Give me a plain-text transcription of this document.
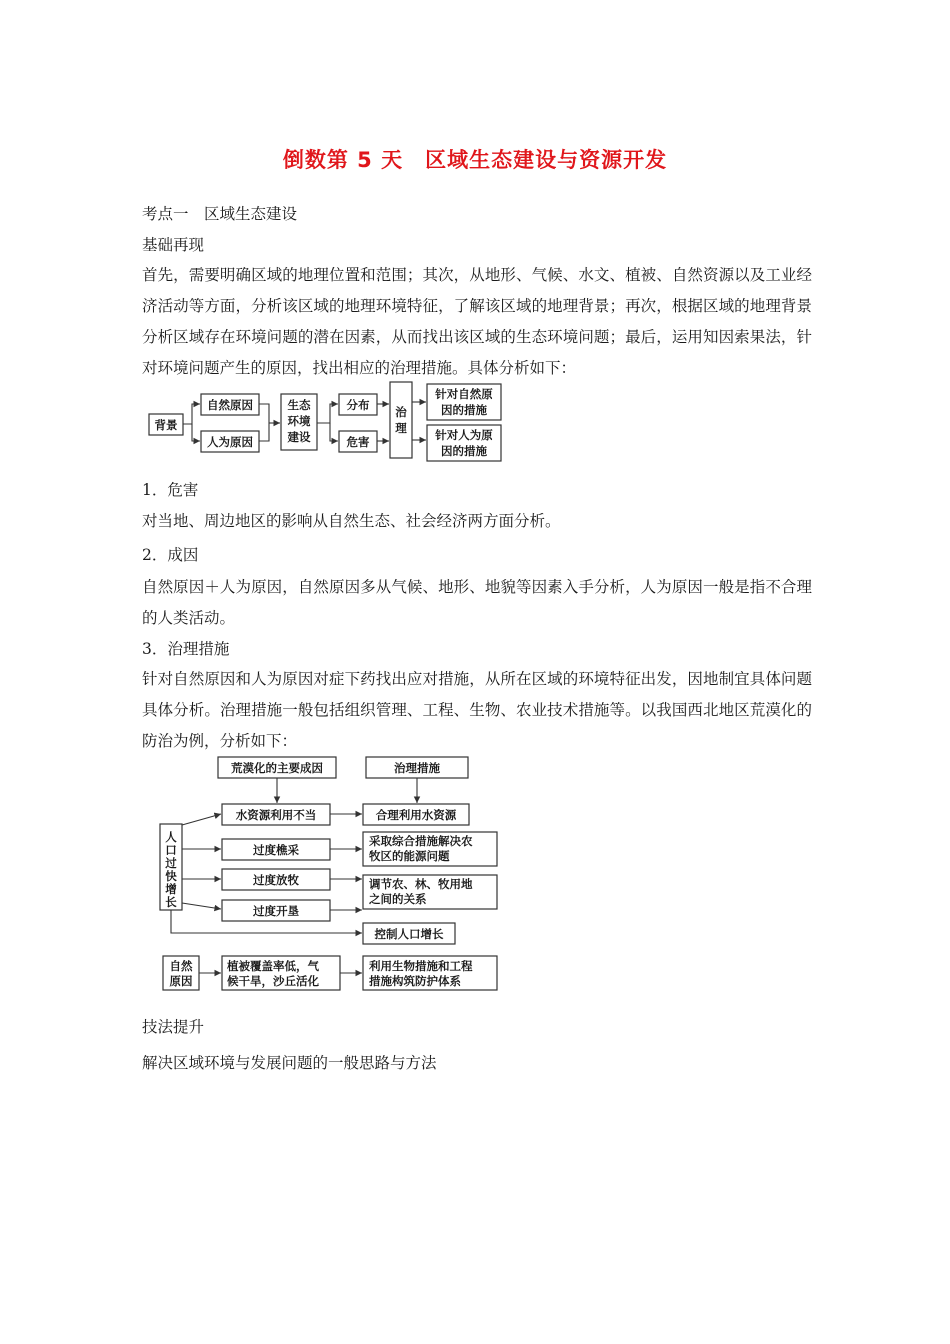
倒数第 5 天　区域生态建设与资源开发
考点一　区域生态建设
基础再现
首先，需要明确区域的地理位置和范围；其次，从地形、气候、水文、植被、自然资源以及工业经济活动等方面，分析该区域的地理环境特征，了解该区域的地理背景；再次，根据区域的地理背景分析区域存在环境问题的潜在因素，从而找出该区域的生态环境问题；最后，运用知因索果法，针对环境问题产生的原因，找出相应的治理措施。具体分析如下：
背景
自然原因
人为原因
生态
环境
建设
分布
危害
治
理
针对自然原
因的措施
针对人为原
因的措施
1．危害
对当地、周边地区的影响从自然生态、社会经济两方面分析。
2．成因
自然原因＋人为原因，自然原因多从气候、地形、地貌等因素入手分析，人为原因一般是指不合理的人类活动。
3．治理措施
针对自然原因和人为原因对症下药找出应对措施，从所在区域的环境特征出发，因地制宜具体问题具体分析。治理措施一般包括组织管理、工程、生物、农业技术措施等。以我国西北地区荒漠化的防治为例，分析如下：
荒漠化的主要成因	治理措施
人
口
过
快
增
长
水资源利用不当
过度樵采
过度放牧
过度开垦
合理利用水资源
采取综合措施解决农
牧区的能源问题
调节农、林、牧用地
之间的关系
控制人口增长
自然
原因
植被覆盖率低，气
候干旱，沙丘活化
利用生物措施和工程
措施构筑防护体系
技法提升
解决区域环境与发展问题的一般思路与方法
